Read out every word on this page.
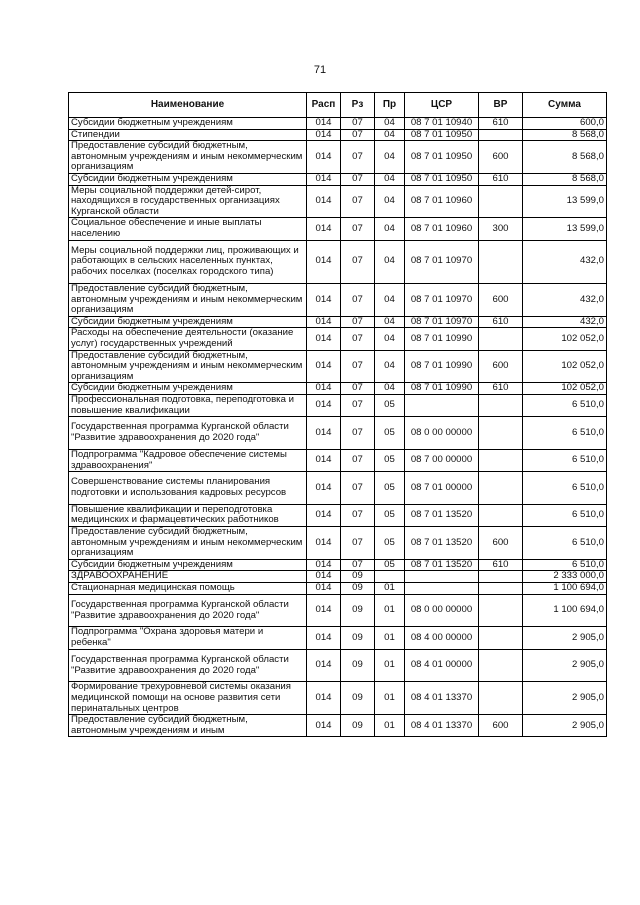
71
Наименование	Расп	Рз	Пр	ЦСР	ВР	Сумма
Субсидии бюджетным учреждениям	014	07	04	08 7 01 10940	610	600,0
Стипендии	014	07	04	08 7 01 10950		8 568,0
Предоставление субсидий бюджетным, автономным учреждениям и иным некоммерческим организациям	014	07	04	08 7 01 10950	600	8 568,0
Субсидии бюджетным учреждениям	014	07	04	08 7 01 10950	610	8 568,0
Меры социальной поддержки детей-сирот, находящихся в государственных организациях Курганской области	014	07	04	08 7 01 10960		13 599,0
Социальное обеспечение и иные выплаты населению	014	07	04	08 7 01 10960	300	13 599,0
Меры социальной поддержки лиц, проживающих и работающих в сельских населенных пунктах, рабочих поселках (поселках городского типа)	014	07	04	08 7 01 10970		432,0
Предоставление субсидий бюджетным, автономным учреждениям и иным некоммерческим организациям	014	07	04	08 7 01 10970	600	432,0
Субсидии бюджетным учреждениям	014	07	04	08 7 01 10970	610	432,0
Расходы на обеспечение деятельности (оказание услуг) государственных учреждений	014	07	04	08 7 01 10990		102 052,0
Предоставление субсидий бюджетным, автономным учреждениям и иным некоммерческим организациям	014	07	04	08 7 01 10990	600	102 052,0
Субсидии бюджетным учреждениям	014	07	04	08 7 01 10990	610	102 052,0
Профессиональная подготовка, переподготовка и повышение квалификации	014	07	05			6 510,0
Государственная программа Курганской области "Развитие здравоохранения до 2020 года"	014	07	05	08 0 00 00000		6 510,0
Подпрограмма "Кадровое обеспечение системы здравоохранения"	014	07	05	08 7 00 00000		6 510,0
Совершенствование системы планирования подготовки и использования кадровых ресурсов	014	07	05	08 7 01 00000		6 510,0
Повышение квалификации и переподготовка медицинских и фармацевтических работников	014	07	05	08 7 01 13520		6 510,0
Предоставление субсидий бюджетным, автономным учреждениям и иным некоммерческим организациям	014	07	05	08 7 01 13520	600	6 510,0
Субсидии бюджетным учреждениям	014	07	05	08 7 01 13520	610	6 510,0
ЗДРАВООХРАНЕНИЕ	014	09				2 333 000,0
Стационарная медицинская помощь	014	09	01			1 100 694,0
Государственная программа Курганской области "Развитие здравоохранения до 2020 года"	014	09	01	08 0 00 00000		1 100 694,0
Подпрограмма "Охрана здоровья матери и ребенка"	014	09	01	08 4 00 00000		2 905,0
Государственная программа Курганской области "Развитие здравоохранения до 2020 года"	014	09	01	08 4 01 00000		2 905,0
Формирование трехуровневой системы оказания медицинской помощи на основе развития сети перинатальных центров	014	09	01	08 4 01 13370		2 905,0
Предоставление субсидий бюджетным, автономным учреждениям и иным	014	09	01	08 4 01 13370	600	2 905,0
